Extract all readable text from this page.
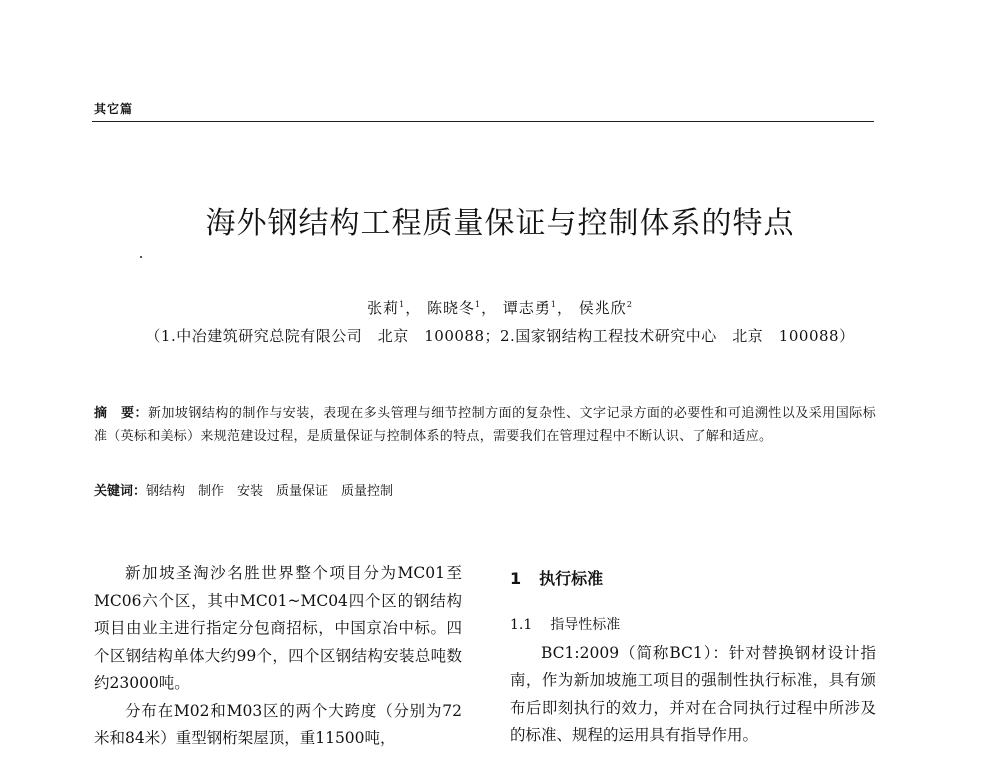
其它篇
海外钢结构工程质量保证与控制体系的特点
张莉$^1$， 陈晓冬$^1$， 谭志勇$^1$， 侯兆欣$^2$
（1.中冶建筑研究总院有限公司　北京　100088；2.国家钢结构工程技术研究中心　北京　100088）
摘　要：新加坡钢结构的制作与安装，表现在多头管理与细节控制方面的复杂性、文字记录方面的必要性和可追溯性以及采用国际标准（英标和美标）来规范建设过程，是质量保证与控制体系的特点，需要我们在管理过程中不断认识、了解和适应。
关键词：钢结构　制作　安装　质量保证　质量控制

新加坡圣淘沙名胜世界整个项目分为MC01至MC06六个区，其中MC01~MC04四个区的钢结构项目由业主进行指定分包商招标，中国京冶中标。四个区钢结构单体大约99个，四个区钢结构安装总吨数约23000吨。

分布在M02和M03区的两个大跨度（分别为72米和84米）重型钢桁架屋顶，重11500吨，

1 执行标准
1.1 指导性标准

BC1:2009（简称BC1）：针对替换钢材设计指南，作为新加坡施工项目的强制性执行标准，具有颁布后即刻执行的效力，并对在合同执行过程中所涉及的标准、规程的运用具有指导作用。
